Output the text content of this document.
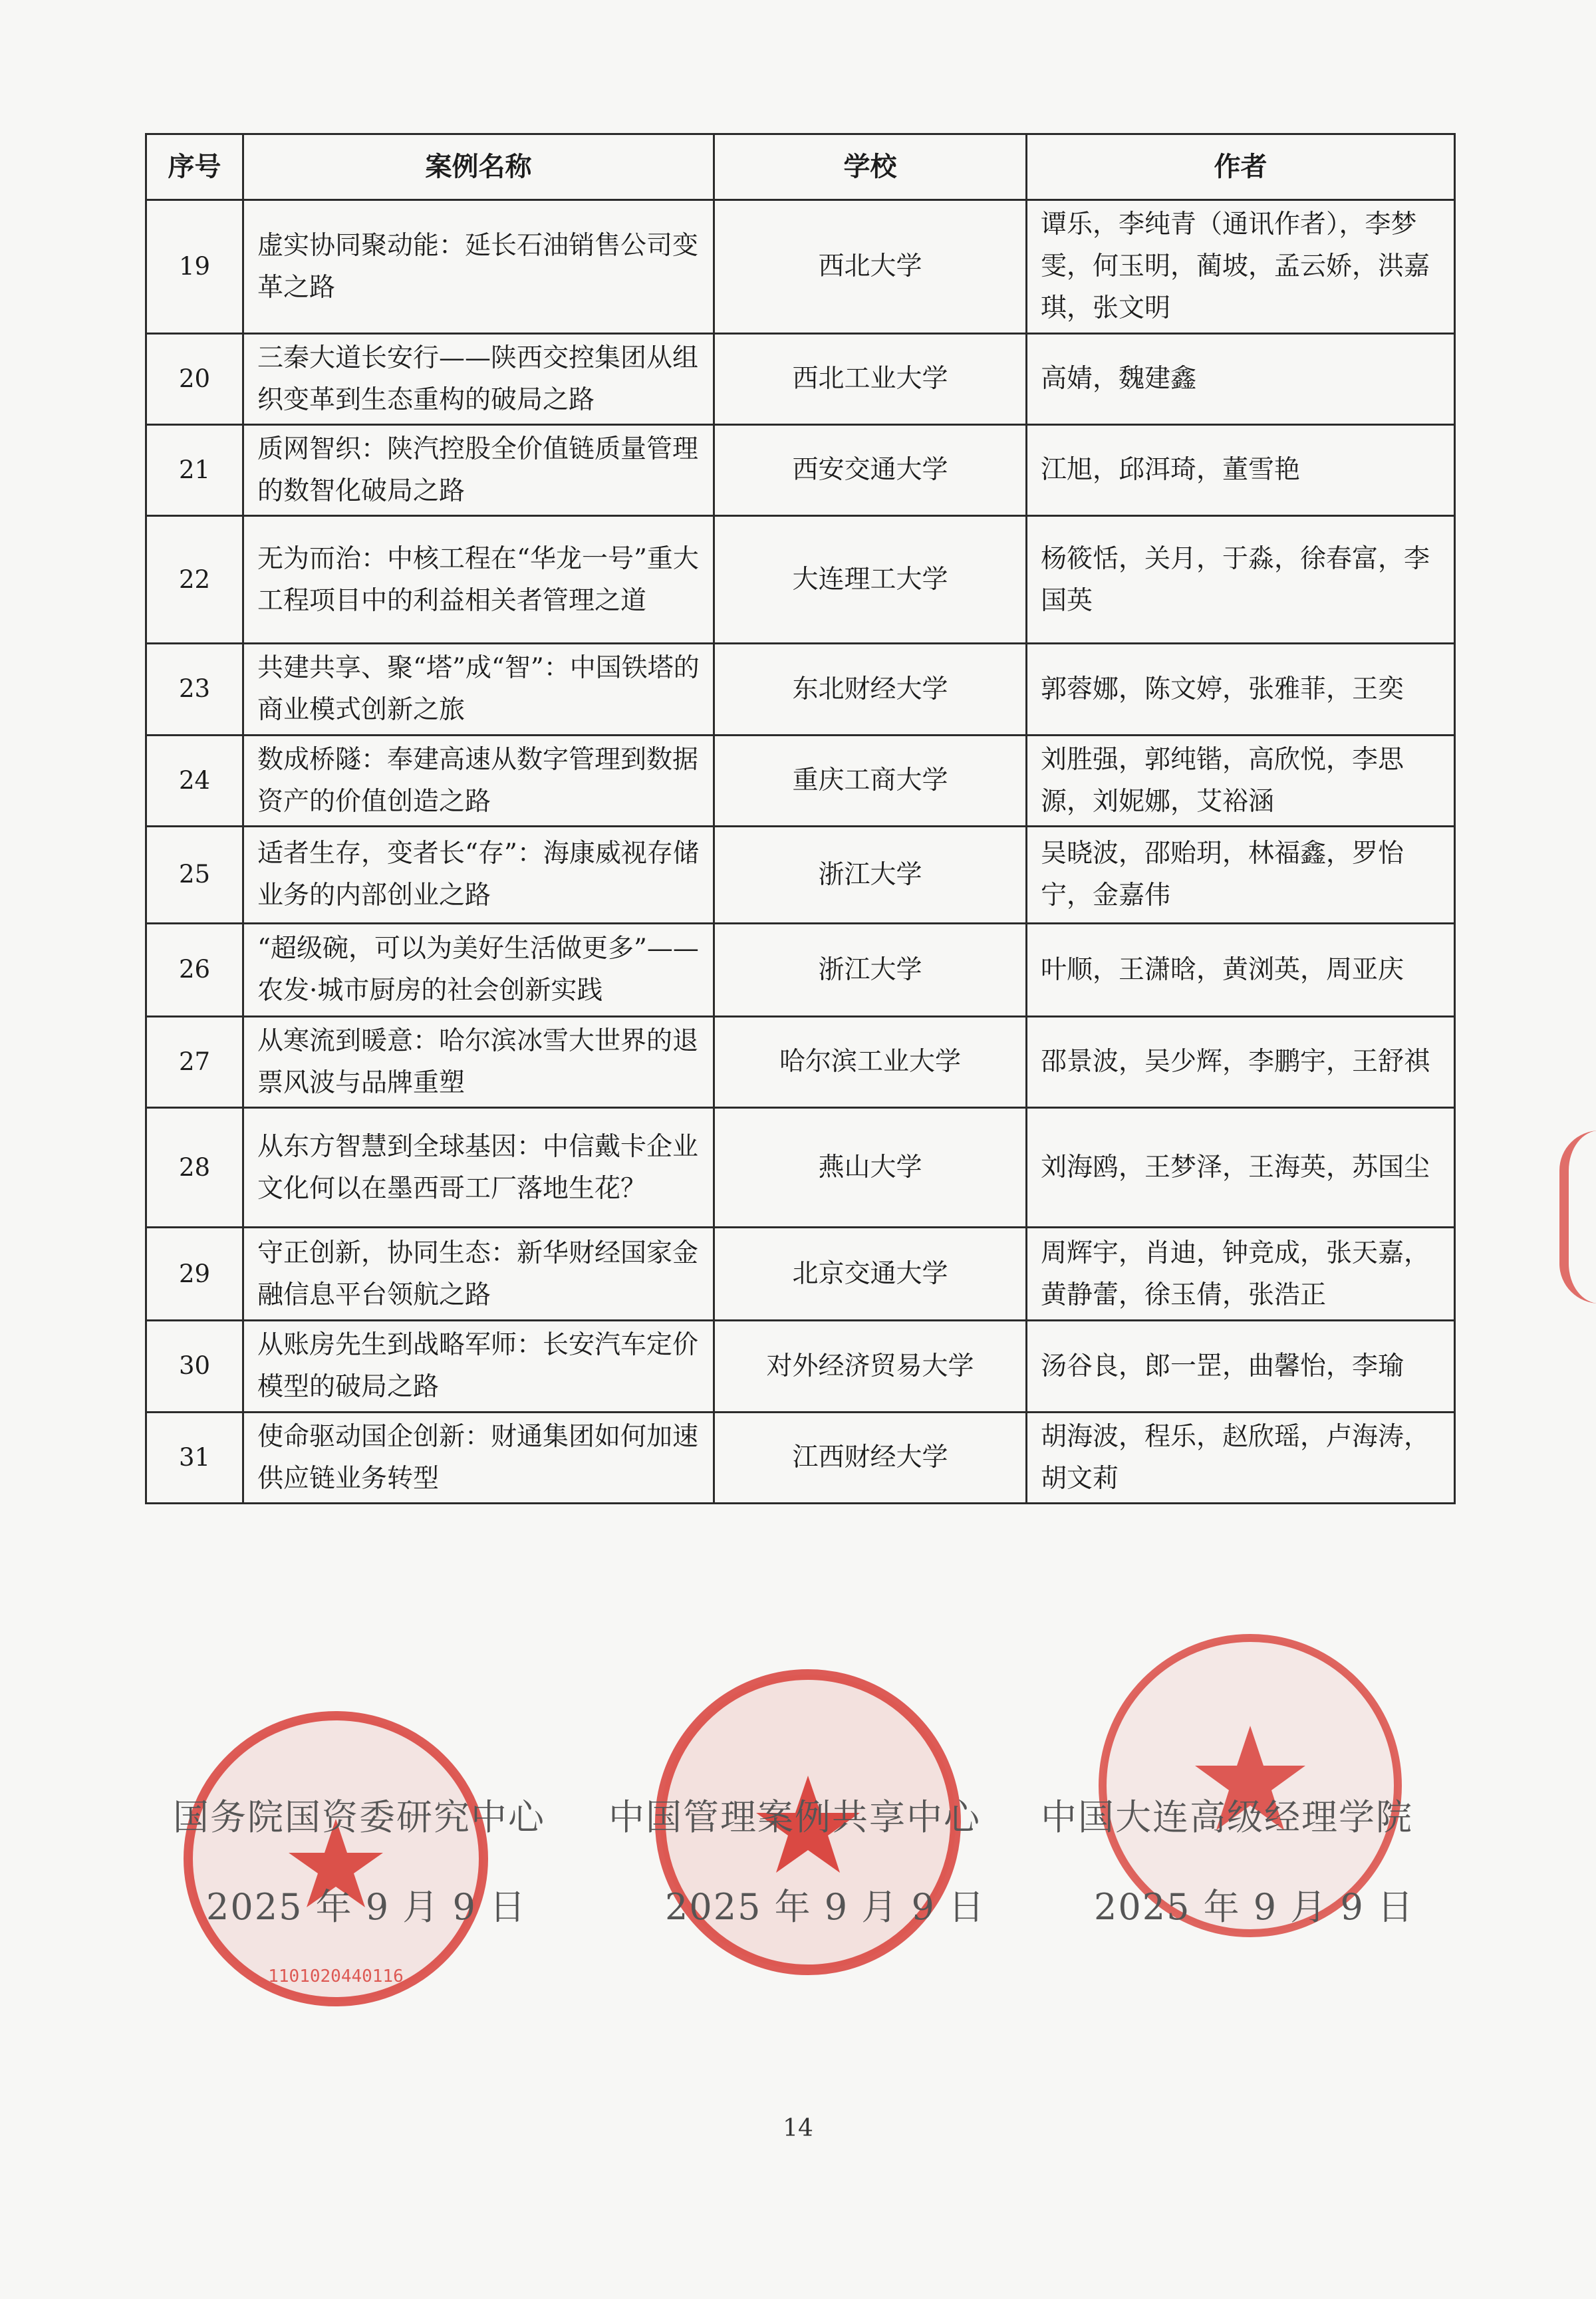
序号	案例名称	学校	作者
19	虚实协同聚动能：延长石油销售公司变革之路	西北大学	谭乐，李纯青（通讯作者），李梦雯，何玉明，蔺坡，孟云娇，洪嘉琪，张文明
20	三秦大道长安行——陕西交控集团从组织变革到生态重构的破局之路	西北工业大学	高婧，魏建鑫
21	质网智织：陕汽控股全价值链质量管理的数智化破局之路	西安交通大学	江旭，邱洱琦，董雪艳
22	无为而治：中核工程在“华龙一号”重大工程项目中的利益相关者管理之道	大连理工大学	杨筱恬，关月，于淼，徐春富，李国英
23	共建共享、聚“塔”成“智”：中国铁塔的商业模式创新之旅	东北财经大学	郭蓉娜，陈文婷，张雅菲，王奕
24	数成桥隧：奉建高速从数字管理到数据资产的价值创造之路	重庆工商大学	刘胜强，郭纯锴，高欣悦，李思源，刘妮娜，艾裕涵
25	适者生存，变者长“存”：海康威视存储业务的内部创业之路	浙江大学	吴晓波，邵贻玥，林福鑫，罗怡宁，金嘉伟
26	“超级碗，可以为美好生活做更多”——农发·城市厨房的社会创新实践	浙江大学	叶顺，王潇晗，黄浏英，周亚庆
27	从寒流到暖意：哈尔滨冰雪大世界的退票风波与品牌重塑	哈尔滨工业大学	邵景波，吴少辉，李鹏宇，王舒祺
28	从东方智慧到全球基因：中信戴卡企业文化何以在墨西哥工厂落地生花？	燕山大学	刘海鸥，王梦泽，王海英，苏国尘
29	守正创新，协同生态：新华财经国家金融信息平台领航之路	北京交通大学	周辉宇，肖迪，钟竞成，张天嘉，黄静蕾，徐玉倩，张浩正
30	从账房先生到战略军师：长安汽车定价模型的破局之路	对外经济贸易大学	汤谷良，郎一罡，曲馨怡，李瑜
31	使命驱动国企创新：财通集团如何加速供应链业务转型	江西财经大学	胡海波，程乐，赵欣瑶，卢海涛，胡文莉
1101020440116
国务院国资委研究中心 中国管理案例共享中心 中国大连高级经理学院
2025 年 9 月 9 日	2025 年 9 月 9 日	2025 年 9 月 9 日
14
